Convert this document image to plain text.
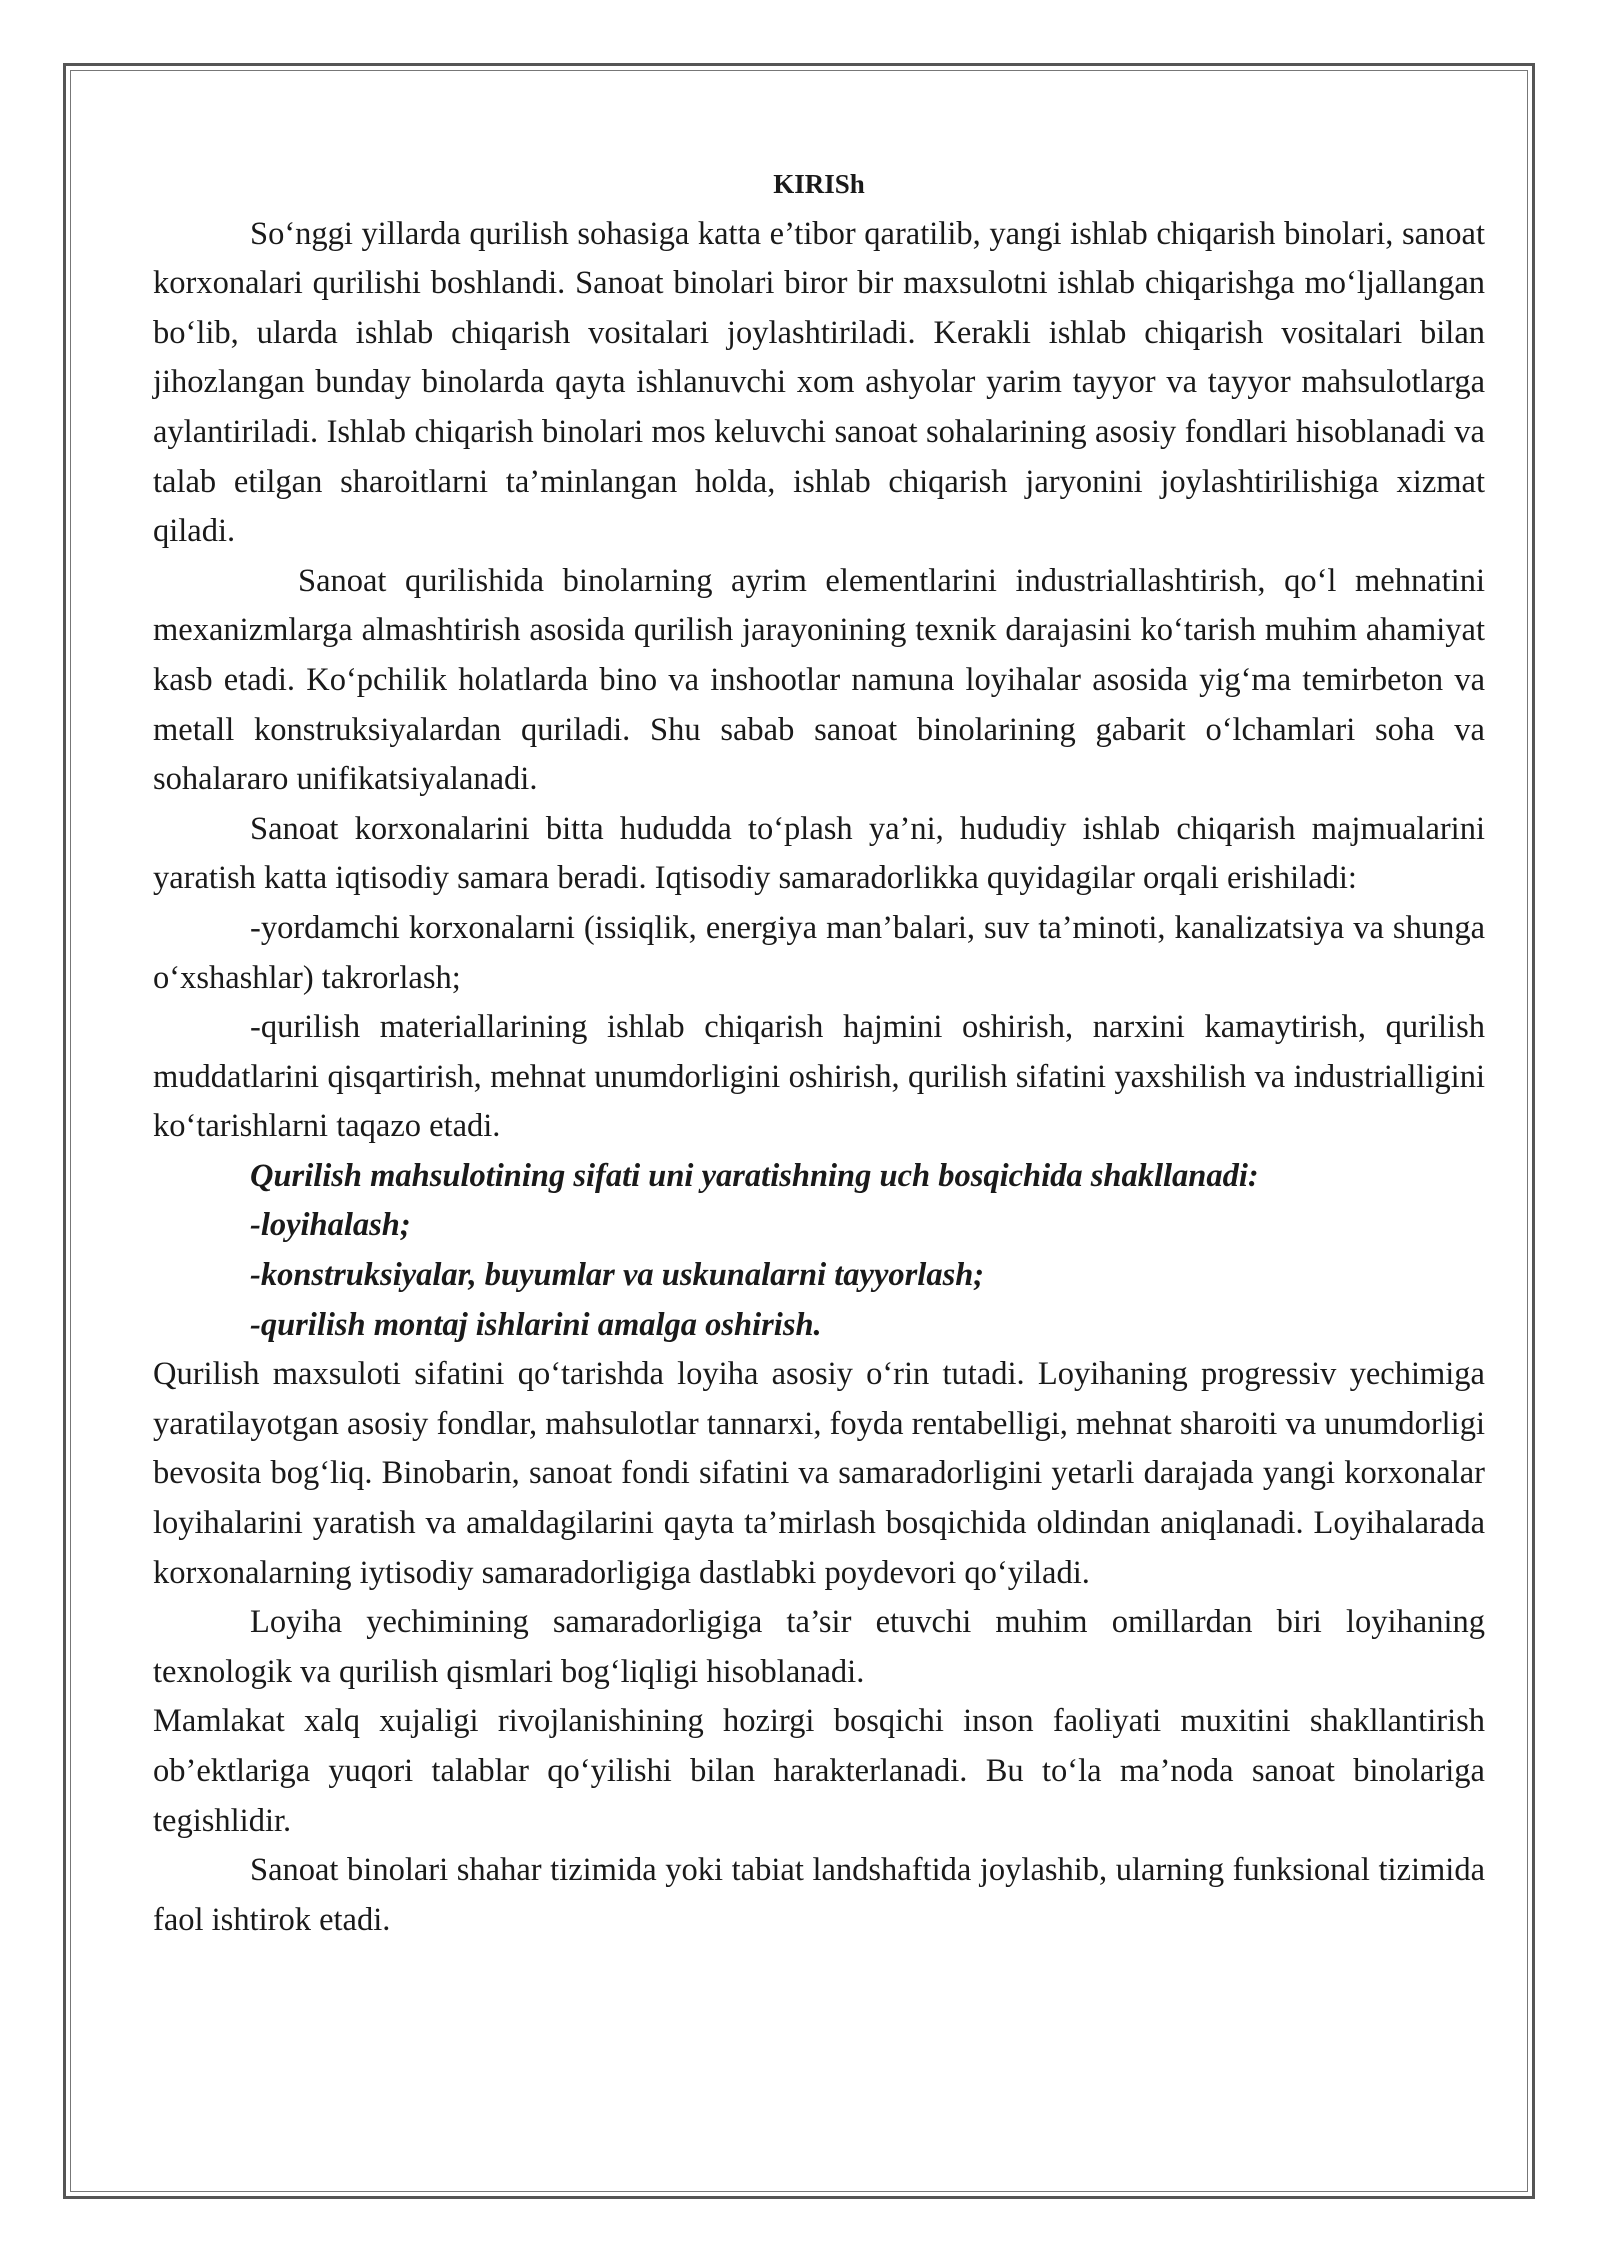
KIRISh

So‘nggi yillarda qurilish sohasiga katta e’tibor qaratilib, yangi ishlab chiqarish binolari, sanoat korxonalari qurilishi boshlandi. Sanoat binolari biror bir maxsulotni ishlab chiqarishga mo‘ljallangan bo‘lib, ularda ishlab chiqarish vositalari joylashtiriladi. Kerakli ishlab chiqarish vositalari bilan jihozlangan bunday binolarda qayta ishlanuvchi xom ashyolar yarim tayyor va tayyor mahsulotlarga aylantiriladi. Ishlab chiqarish binolari mos keluvchi sanoat sohalarining asosiy fondlari hisoblanadi va talab etilgan sharoitlarni ta’minlangan holda, ishlab chiqarish jaryonini joylashtirilishiga xizmat qiladi.

Sanoat qurilishida binolarning ayrim elementlarini industriallashtirish, qo‘l mehnatini mexanizmlarga almashtirish asosida qurilish jarayonining texnik darajasini ko‘tarish muhim ahamiyat kasb etadi. Ko‘pchilik holatlarda bino va inshootlar namuna loyihalar asosida yig‘ma temirbeton va metall konstruksiyalardan quriladi. Shu sabab sanoat binolarining gabarit o‘lchamlari soha va sohalararo unifikatsiyalanadi.

Sanoat korxonalarini bitta hududda to‘plash ya’ni, hududiy ishlab chiqarish majmualarini yaratish katta iqtisodiy samara beradi. Iqtisodiy samaradorlikka quyidagilar orqali erishiladi:

-yordamchi korxonalarni (issiqlik, energiya man’balari, suv ta’minoti, kanalizatsiya va shunga o‘xshashlar) takrorlash;

-qurilish materiallarining ishlab chiqarish hajmini oshirish, narxini kamaytirish, qurilish muddatlarini qisqartirish, mehnat unumdorligini oshirish, qurilish sifatini yaxshilish va industrialligini ko‘tarishlarni taqazo etadi.

Qurilish mahsulotining sifati uni yaratishning uch bosqichida shakllanadi:

-loyihalash;

-konstruksiyalar, buyumlar va uskunalarni tayyorlash;

-qurilish montaj ishlarini amalga oshirish.

Qurilish maxsuloti sifatini qo‘tarishda loyiha asosiy o‘rin tutadi. Loyihaning progressiv yechimiga yaratilayotgan asosiy fondlar, mahsulotlar tannarxi, foyda rentabelligi, mehnat sharoiti va unumdorligi bevosita bog‘liq. Binobarin, sanoat fondi sifatini va samaradorligini yetarli darajada yangi korxonalar loyihalarini yaratish va amaldagilarini qayta ta’mirlash bosqichida oldindan aniqlanadi. Loyihalarada korxonalarning iytisodiy samaradorligiga dastlabki poydevori qo‘yiladi.

Loyiha yechimining samaradorligiga ta’sir etuvchi muhim omillardan biri loyihaning texnologik va qurilish qismlari bog‘liqligi hisoblanadi.

Mamlakat xalq xujaligi rivojlanishining hozirgi bosqichi inson faoliyati muxitini shakllantirish ob’ektlariga yuqori talablar qo‘yilishi bilan harakterlanadi. Bu to‘la ma’noda sanoat binolariga tegishlidir.

Sanoat binolari shahar tizimida yoki tabiat landshaftida joylashib, ularning funksional tizimida faol ishtirok etadi.
